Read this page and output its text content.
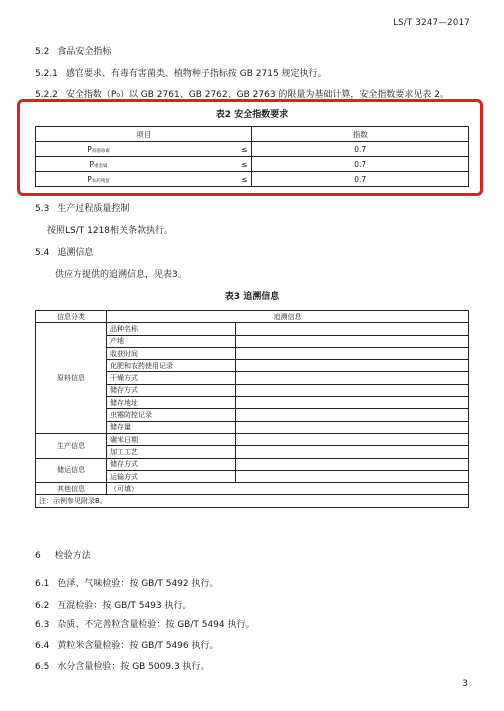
LS/T 3247—2017
5.2 食品安全指标
5.2.1 感官要求、有毒有害菌类、植物种子指标按 GB 2715 规定执行。
5.2.2 安全指数（P₀）以 GB 2761、GB 2762、GB 2763 的限量为基础计算，安全指数要求见表 2。
表2 安全指数要求
项目		指数
P真菌毒素	≤	0.7
P重金属	≤	0.7
P农药残留	≤	0.7
5.3 生产过程质量控制
按照LS/T 1218相关条款执行。
5.4 追溯信息
供应方提供的追溯信息，见表3。
表3 追溯信息
信息分类	追溯信息	
原料信息	品种名称	
	产地	
	收获时间	
	化肥和农药使用记录	
	干燥方式	
	储存方式	
	储存地址	
	虫霉防控记录	
	储存量	
生产信息	碾米日期	
	加工工艺	
储运信息	储存方式	
	运输方式	
其他信息	（可填）	
注：示例参见附录B。		
6 检验方法
6.1 色泽、气味检验：按 GB/T 5492 执行。
6.2 互混检验：按 GB/T 5493 执行。
6.3 杂质、不完善粒含量检验：按 GB/T 5494 执行。
6.4 黄粒米含量检验：按 GB/T 5496 执行。
6.5 水分含量检验：按 GB 5009.3 执行。
3
